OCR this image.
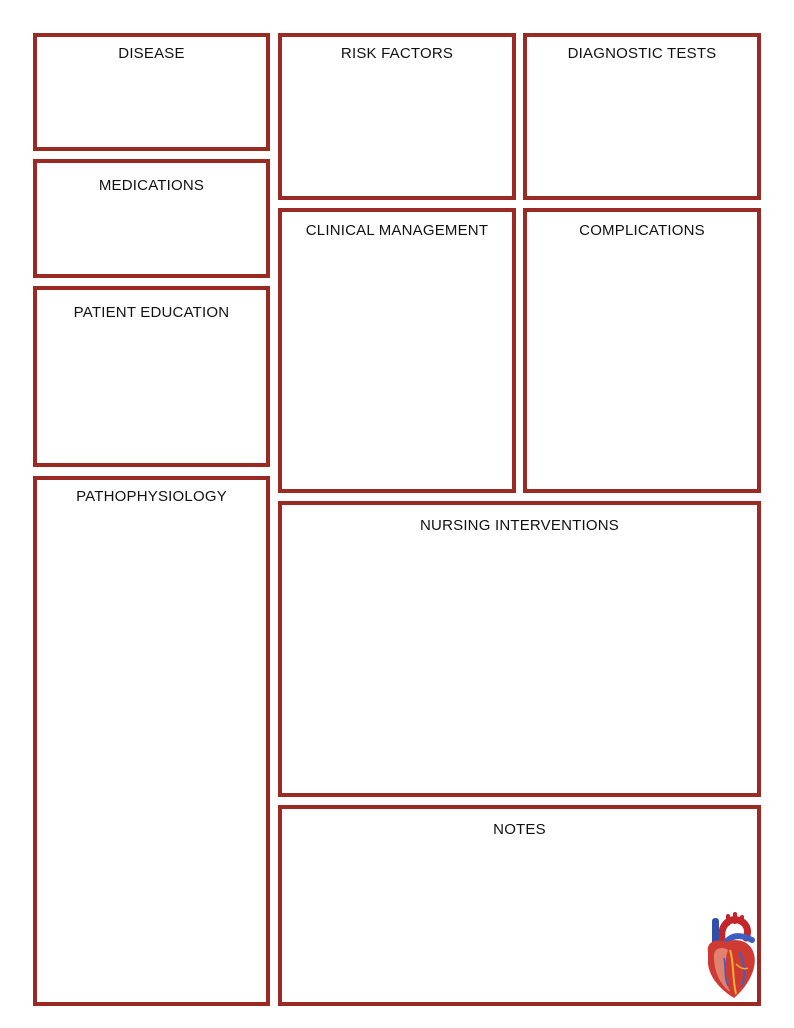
DISEASE
MEDICATIONS
PATIENT EDUCATION
PATHOPHYSIOLOGY
RISK FACTORS
CLINICAL MANAGEMENT
DIAGNOSTIC TESTS
COMPLICATIONS
NURSING INTERVENTIONS
NOTES
